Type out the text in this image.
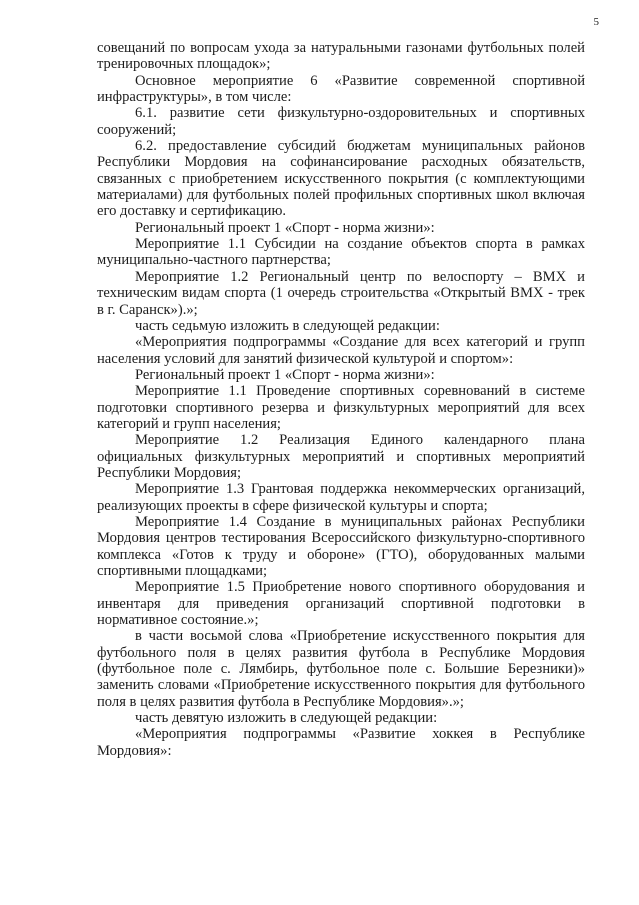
5

совещаний по вопросам ухода за натуральными газонами футбольных полей тренировочных площадок»;

Основное мероприятие 6 «Развитие современной спортивной инфраструктуры», в том числе:

6.1. развитие сети физкультурно-оздоровительных и спортивных сооружений;

6.2. предоставление субсидий бюджетам муниципальных районов Республики Мордовия на софинансирование расходных обязательств, связанных с приобретением искусственного покрытия (с комплектующими материалами) для футбольных полей профильных спортивных школ включая его доставку и сертификацию.

Региональный проект 1 «Спорт - норма жизни»:

Мероприятие 1.1 Субсидии на создание объектов спорта в рамках муниципально-частного партнерства;

Мероприятие 1.2 Региональный центр по велоспорту – BMX и техническим видам спорта (1 очередь строительства «Открытый BMX - трек в г. Саранск»).»;

часть седьмую изложить в следующей редакции:

«Мероприятия подпрограммы «Создание для всех категорий и групп населения условий для занятий физической культурой и спортом»:

Региональный проект 1 «Спорт - норма жизни»:

Мероприятие 1.1 Проведение спортивных соревнований в системе подготовки спортивного резерва и физкультурных мероприятий для всех категорий и групп населения;

Мероприятие 1.2 Реализация Единого календарного плана официальных физкультурных мероприятий и спортивных мероприятий Республики Мордовия;

Мероприятие 1.3 Грантовая поддержка некоммерческих организаций, реализующих проекты в сфере физической культуры и спорта;

Мероприятие 1.4 Создание в муниципальных районах Республики Мордовия центров тестирования Всероссийского физкультурно-спортивного комплекса «Готов к труду и обороне» (ГТО), оборудованных малыми спортивными площадками;

Мероприятие 1.5 Приобретение нового спортивного оборудования и инвентаря для приведения организаций спортивной подготовки в нормативное состояние.»;

в части восьмой слова «Приобретение искусственного покрытия для футбольного поля в целях развития футбола в Республике Мордовия (футбольное поле с. Лямбирь, футбольное поле с. Большие Березники)» заменить словами «Приобретение искусственного покрытия для футбольного поля в целях развития футбола в Республике Мордовия».»;

часть девятую изложить в следующей редакции:

«Мероприятия подпрограммы «Развитие хоккея в Республике Мордовия»:
